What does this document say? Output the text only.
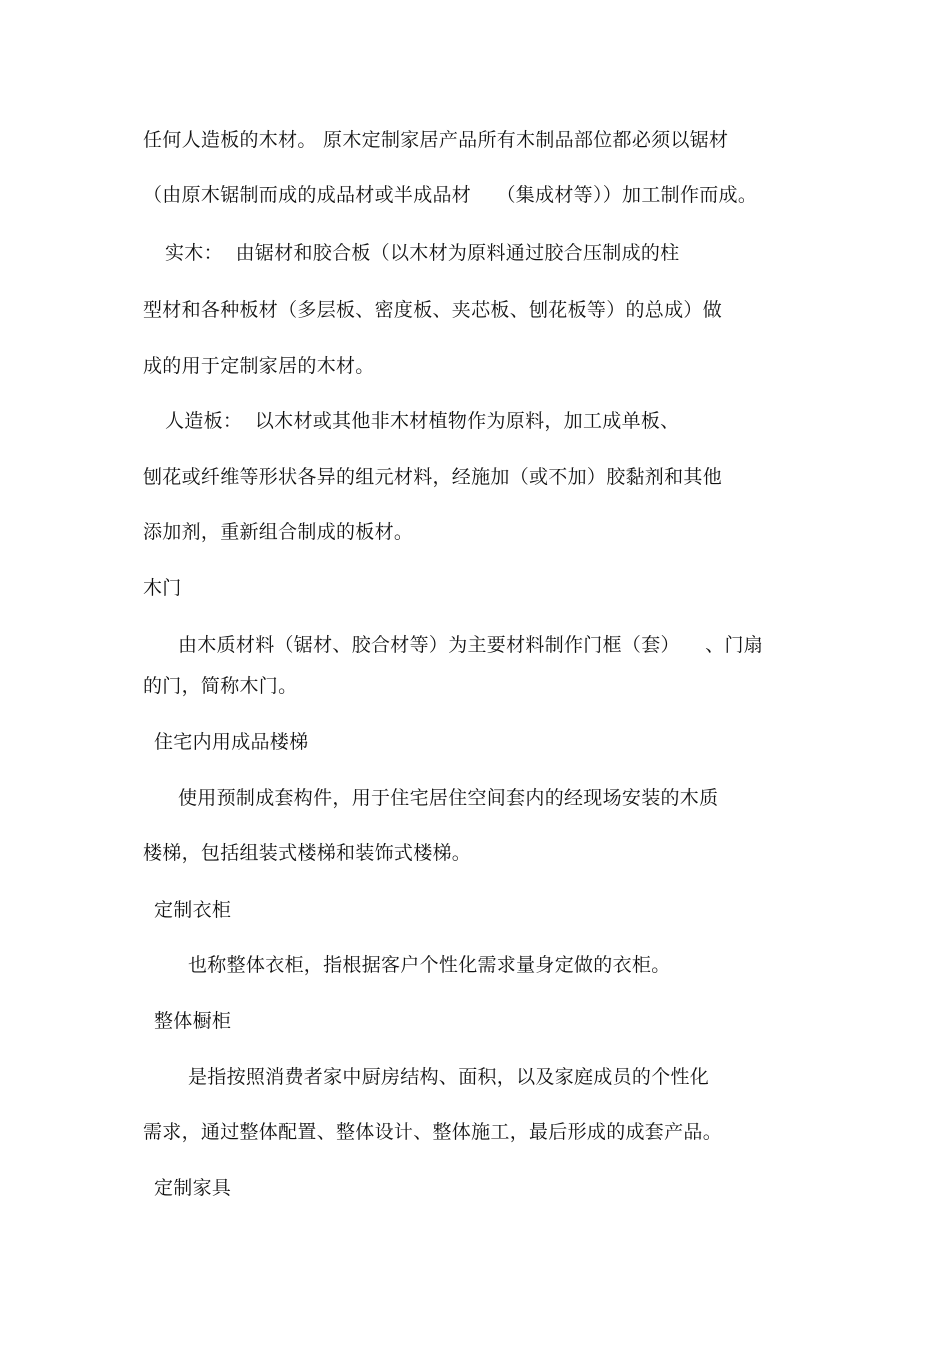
任何人造板的木材。 原木定制家居产品所有木制品部位都必须以锯材
（由原木锯制而成的成品材或半成品材    （集成材等））加工制作而成。
实木：  由锯材和胶合板（以木材为原料通过胶合压制成的柱
型材和各种板材（多层板、密度板、夹芯板、刨花板等）的总成）做
成的用于定制家居的木材。
人造板：  以木材或其他非木材植物作为原料，加工成单板、
刨花或纤维等形状各异的组元材料，经施加（或不加）胶黏剂和其他
添加剂，重新组合制成的板材。
木门
由木质材料（锯材、胶合材等）为主要材料制作门框（套）    、门扇
的门，简称木门。
住宅内用成品楼梯
使用预制成套构件，用于住宅居住空间套内的经现场安装的木质
楼梯，包括组装式楼梯和装饰式楼梯。
定制衣柜
也称整体衣柜，指根据客户个性化需求量身定做的衣柜。
整体橱柜
是指按照消费者家中厨房结构、面积，以及家庭成员的个性化
需求，通过整体配置、整体设计、整体施工，最后形成的成套产品。
定制家具
